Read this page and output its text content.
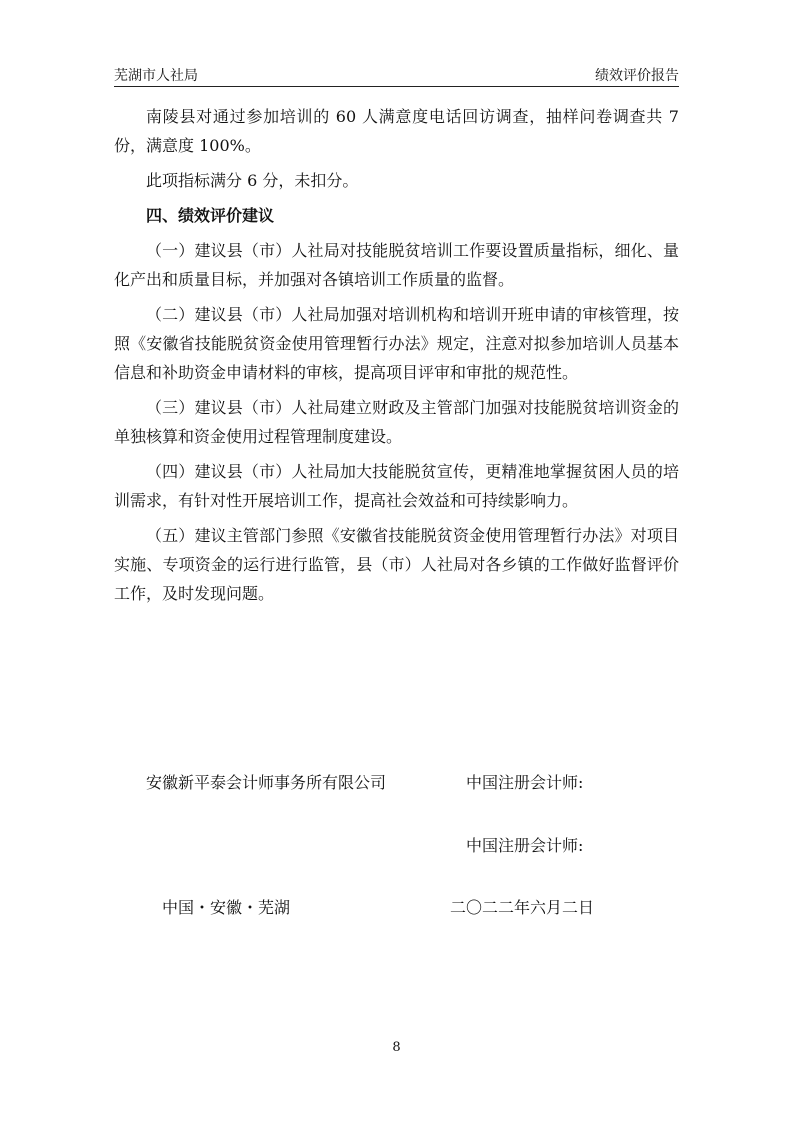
芜湖市人社局	绩效评价报告

南陵县对通过参加培训的 60 人满意度电话回访调查，抽样问卷调查共 7 份，满意度 100%。

此项指标满分 6 分，未扣分。

四、绩效评价建议

（一）建议县（市）人社局对技能脱贫培训工作要设置质量指标，细化、量化产出和质量目标，并加强对各镇培训工作质量的监督。

（二）建议县（市）人社局加强对培训机构和培训开班申请的审核管理，按照《安徽省技能脱贫资金使用管理暂行办法》规定，注意对拟参加培训人员基本信息和补助资金申请材料的审核，提高项目评审和审批的规范性。

（三）建议县（市）人社局建立财政及主管部门加强对技能脱贫培训资金的单独核算和资金使用过程管理制度建设。

（四）建议县（市）人社局加大技能脱贫宣传，更精准地掌握贫困人员的培训需求，有针对性开展培训工作，提高社会效益和可持续影响力。

（五）建议主管部门参照《安徽省技能脱贫资金使用管理暂行办法》对项目实施、专项资金的运行进行监管，县（市）人社局对各乡镇的工作做好监督评价工作，及时发现问题。

安徽新平泰会计师事务所有限公司	中国注册会计师:
中国注册会计师:
中国・安徽・芜湖	二〇二二年六月二日
8
